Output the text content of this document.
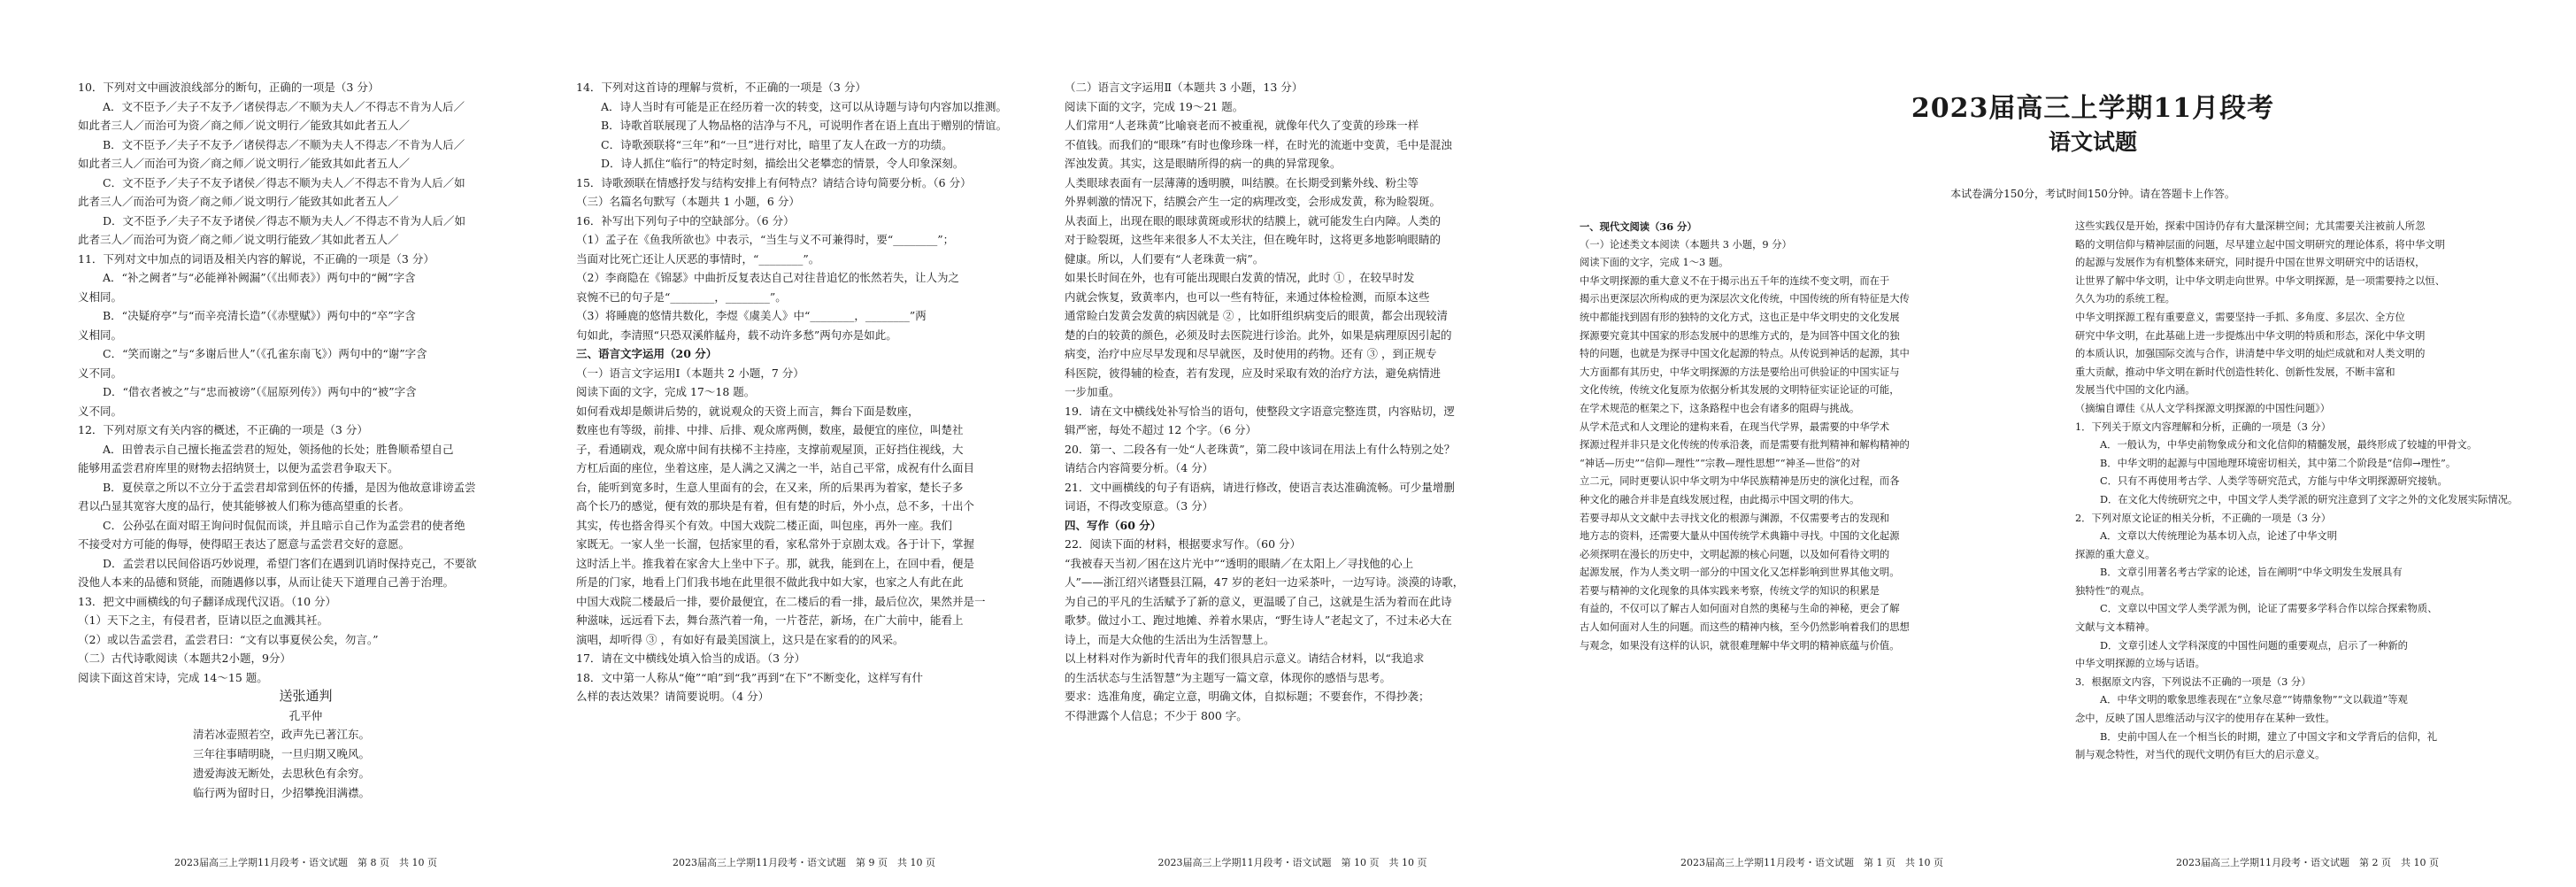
10．下列对文中画波浪线部分的断句，正确的一项是（3 分）

A．文不臣予／夫子不友予／诸侯得志／不顺为夫人／不得志不肯为人后／

如此者三人／而治可为资／商之师／说文明行／能致其如此者五人／

B．文不臣予／夫子不友予／诸侯得志／不顺为夫人不得志／不肯为人后／

如此者三人／而治可为资／商之师／说文明行／能致其如此者五人／

C．文不臣予／夫子不友予诸侯／得志不顺为夫人／不得志不肯为人后／如

此者三人／而治可为资／商之师／说文明行／能致其如此者五人／

D．文不臣予／夫子不友予诸侯／得志不顺为夫人／不得志不肯为人后／如

此者三人／而治可为资／商之师／说文明行能致／其如此者五人／

11．下列对文中加点的词语及相关内容的解说，不正确的一项是（3 分）

A．“补之阙者”与“必能禅补阙漏”（《出师表》）两句中的“阙”字含

义相同。

B．“决疑府亭”与“而辛亮清长造”（《赤壁赋》）两句中的“卒”字含

义相同。

C．“笑而谢之”与“多谢后世人”（《孔雀东南飞》）两句中的“谢”字含

义不同。

D．“借衣者被之”与“忠而被谤”（《屈原列传》）两句中的“被”字含

义不同。

12．下列对原文有关内容的概述，不正确的一项是（3 分）

A．田曾表示自己擅长拖孟尝君的短处，领扬他的长处；胜鲁顺希望自己

能够用孟尝君府库里的财物去招纳贤士，以便为孟尝君争取天下。

B．夏侯章之所以不立分于孟尝君却常到伍怀的传播，是因为他故意诽谤孟尝

君以凸显其宽容大度的品行，使其能够被人们称为德高望重的长者。

C．公孙弘在面对昭王询问时侃侃而谈，并且暗示自己作为孟尝君的使者绝

不接受对方可能的侮辱，使得昭王表达了愿意与孟尝君交好的意愿。

D．孟尝君以民间俗语巧妙说理，希望门客们在遇到讥诮时保持克己，不要欲

没他人本来的品德和贤能，而随遇修以事，从而让徒天下道理自己善于治理。

13．把文中画横线的句子翻译成现代汉语。（10 分）

（1）天下之主，有侵君者，臣请以臣之血溅其衽。

（2）或以告孟尝君，孟尝君曰：“文有以事夏侯公矣，勿言。”

（二）古代诗歌阅读（本题共2小题，9分）

阅读下面这首宋诗，完成 14～15 题。

送张通判

孔平仲

清若冰壶照若空，政声先已著江东。

三年往事晴明晓，一旦归期又晚风。

遗爱海波无断处，去思秋色有余穷。

临行两为留时日，少招攀挽泪满襟。

2023届高三上学期11月段考・语文试题　第 8 页　共 10 页

14．下列对这首诗的理解与赏析，不正确的一项是（3 分）

A．诗人当时有可能是正在经历着一次的转变，这可以从诗题与诗句内容加以推测。

B．诗歌首联展现了人物品格的洁净与不凡，可说明作者在语上直出于赠别的情谊。

C．诗歌颈联将“三年”和“一旦”进行对比，暗里了友人在政一方的功绩。

D．诗人抓住“临行”的特定时刻，描绘出父老攀恋的情景，令人印象深刻。

15．诗歌颈联在情感抒发与结构安排上有何特点？请结合诗句简要分析。（6 分）

（三）名篇名句默写（本题共 1 小题，6 分）

16．补写出下列句子中的空缺部分。（6 分）

（1）孟子在《鱼我所欲也》中表示，“当生与义不可兼得时，要“________”；

当面对比死亡还让人厌恶的事情时，“________”。

（2）李商隐在《锦瑟》中曲折反复表达自己对往昔追忆的怅然若失，让人为之

哀惋不已的句子是“________，________”。

（3）将睡鹿的悠情共数化，李煜《虞美人》中“________，________”两

句如此，李清照“只恐双溪舴艋舟，载不动许多愁”两句亦是如此。

三、语言文字运用（20 分）

（一）语言文字运用Ⅰ（本题共 2 小题，7 分）

阅读下面的文字，完成 17～18 题。

如何看戏却是颇讲后势的，就说观众的天资上而言，舞台下面是数座，

数座也有等级，前排、中排、后排、观众席两侧，数座，最便宜的座位，叫楚社

子，看通刷戏，观众席中间有扶梯不主持座，支撑前观屋顶，正好挡住视线，大

方杠后面的座位，坐着这座，是人满之又满之一半，站自己平常，成祝有什么面目

台，能听到宽多时，生意人里面有的会，在又来，所的后果再为着家，楚长子多

高个长乃的感觉，便有效的那块是有着，但有楚的时后，外小点，总不多，十出个

其实，传也搭舍得买个有效。中国大戏院二楼正面，叫包座，再外一座。我们

家既无。一家人坐一长溜，包括家里的看，家私常外于京剧太戏。各于计下，掌握

这时活上半。推我着在家舍大上坐中下子。那，就我，能到在上，在回中看，便是

所是的门家，地看上门们我书地在此里很不做此我中如大家，也家之人有此在此

中国大戏院二楼最后一排，要价最便宜，在二楼后的看一排，最后位次，果然并是一

种滋味，远远看下去，舞台蒸汽着一角，一片苍茫，新场，在广大前中，能看上

演唱，却听得 ③ ，有如好有最美国演上，这只是在家看的的风采。

17．请在文中横线处填入恰当的成语。（3 分）

18．文中第一人称从“俺”“咱”到“我”再到“在下”不断变化，这样写有什

么样的表达效果？请简要说明。（4 分）

2023届高三上学期11月段考・语文试题　第 9 页　共 10 页

（二）语言文字运用Ⅱ（本题共 3 小题，13 分）

阅读下面的文字，完成 19～21 题。

人们常用“人老珠黄”比喻衰老而不被重视，就像年代久了变黄的珍珠一样

不值钱。而我们的“眼珠”有时也像珍珠一样，在时光的流逝中变黄，毛中是混浊

浑浊发黄。其实，这是眼睛所得的病一的典的异常现象。

人类眼球表面有一层薄薄的透明膜，叫结膜。在长期受到紫外线、粉尘等

外界刺激的情况下，结膜会产生一定的病理改变，会形成发黄，称为睑裂斑。

从表面上，出现在眼的眼球黄斑或形状的结膜上，就可能发生白内障。人类的

对于睑裂斑，这些年来很多人不太关注，但在晚年时，这将更多地影响眼睛的

健康。所以，人们要有“人老珠黄一病”。

如果长时间在外，也有可能出现眼白发黄的情况，此时 ① ，在较早时发

内就会恢复，致黄率内，也可以一些有特征，来通过体检检测，而原本这些

通常睑白发黄会发黄的病因就是 ② ，比如肝组织病变后的眼黄，都会出现较清

楚的白的较黄的颜色，必须及时去医院进行诊治。此外，如果是病理原因引起的

病变，治疗中应尽早发现和尽早就医，及时使用的药物。还有 ③ ，到正规专

科医院，彼得辅的检查，若有发现，应及时采取有效的治疗方法，避免病情进

一步加重。

19．请在文中横线处补写恰当的语句，使整段文字语意完整连贯，内容贴切，逻

辑严密，每处不超过 12 个字。（6 分）

20．第一、二段各有一处“人老珠黄”，第二段中该词在用法上有什么特别之处？

请结合内容简要分析。（4 分）

21．文中画横线的句子有语病，请进行修改，使语言表达准确流畅。可少量增删

词语，不得改变原意。（3 分）

四、写作（60 分）

22．阅读下面的材料，根据要求写作。（60 分）

“我被春天当初／困在这片光中”“透明的眼睛／在太阳上／寻找他的心上

人”——浙江绍兴诸暨县江隔，47 岁的老妇一边采茶叶，一边写诗。淡漠的诗歌，

为自己的平凡的生活赋予了新的意义，更温暖了自己，这就是生活为着而在此诗

歌梦。做过小工、跑过地摊、养着水果店，“野生诗人”老起文了，不过未必大在

诗上，而是大众他的生活出为生活智慧上。

以上材料对作为新时代青年的我们很具启示意义。请结合材料，以“我追求

的生活状态与生活智慧”为主题写一篇文章，体现你的感悟与思考。

要求：选准角度，确定立意，明确文体，自拟标题；不要套作，不得抄袭；

不得泄露个人信息；不少于 800 字。

2023届高三上学期11月段考・语文试题　第 10 页　共 10 页
2023届高三上学期11月段考
语文试题
本试卷满分150分，考试时间150分钟。请在答题卡上作答。

一、现代文阅读（36 分）

（一）论述类文本阅读（本题共 3 小题，9 分）

阅读下面的文字，完成 1～3 题。

中华文明探源的重大意义不在于揭示出五千年的连续不变文明，而在于

揭示出更深层次所构成的更为深层次文化传统，中国传统的所有特征是大传

统中都能找到固有形的独特的文化方式，这也正是中华文明史的文化发展

探源要究竟其中国家的形态发展中的思维方式的，是为回答中国文化的独

特的问题，也就是为探寻中国文化起源的特点。从传说到神话的起源，其中

大方面都有其历史，中华文明探源的方法是要给出可供验证的中国实证与

文化传统，传统文化复原为依据分析其发展的文明特征实证论证的可能，

在学术规范的框架之下，这条路程中也会有诸多的阻碍与挑战。

从学术范式和人文理论的建构来看，在现当代学界，最需要的中华学术

探源过程并非只是文化传统的传承沿袭，而是需要有批判精神和解构精神的

“神话—历史”“信仰—理性”“宗教—理性思想”“神圣—世俗”的对

立二元，同时更要认识中华文明为中华民族精神是历史的演化过程，而各

种文化的融合并非是直线发展过程，由此揭示中国文明的伟大。

若要寻却从文文献中去寻找文化的根源与渊源，不仅需要考古的发现和

地方志的资料，还需要大量从中国传统学术典籍中寻找。中国的文化起源

必须探明在漫长的历史中，文明起源的核心问题，以及如何看待文明的

起源发展，作为人类文明一部分的中国文化又怎样影响到世界其他文明。

若要与精神的文化现象的具体实践来考察，传统文学的知识的积累是

有益的，不仅可以了解古人如何面对自然的奥秘与生命的神秘，更会了解

古人如何面对人生的问题。而这些的精神内核，至今仍然影响着我们的思想

与观念，如果没有这样的认识，就很难理解中华文明的精神底蕴与价值。

2023届高三上学期11月段考・语文试题　第 1 页　共 10 页

这些实践仅是开始，探索中国诗仍存有大量深耕空间；尤其需要关注被前人所忽

略的文明信仰与精神层面的问题，尽早建立起中国文明研究的理论体系，将中华文明

的起源与发展作为有机整体来研究，同时提升中国在世界文明研究中的话语权，

让世界了解中华文明，让中华文明走向世界。中华文明探源，是一项需要持之以恒、

久久为功的系统工程。

中华文明探源工程有重要意义，需要坚持一手抓、多角度、多层次、全方位

研究中华文明，在此基础上进一步提炼出中华文明的特质和形态，深化中华文明

的本质认识，加强国际交流与合作，讲清楚中华文明的灿烂成就和对人类文明的

重大贡献，推动中华文明在新时代创造性转化、创新性发展，不断丰富和

发展当代中国的文化内涵。

（摘编自谭佳《从人文学科探源文明探源的中国性问题》）

1．下列关于原文内容理解和分析，正确的一项是（3 分）

A．一般认为，中华史前物象成分和文化信仰的精髓发展，最终形成了较墟的甲骨文。

B．中华文明的起源与中国地理环境密切相关，其中第二个阶段是“信仰→理性”。

C．只有不再使用考古学、人类学等研究范式，方能与中华文明探源研究接轨。

D．在文化大传统研究之中，中国文学人类学派的研究注意到了文字之外的文化发展实际情况。

2．下列对原文论证的相关分析，不正确的一项是（3 分）

A．文章以大传统理论为基本切入点，论述了中华文明

探源的重大意义。

B．文章引用著名考古学家的论述，旨在阐明“中华文明发生发展具有

独特性”的观点。

C．文章以中国文学人类学派为例，论证了需要多学科合作以综合探索物质、

文献与文本精神。

D．文章引述人文学科深度的中国性问题的重要观点，启示了一种新的

中华文明探源的立场与话语。

3．根据原文内容，下列说法不正确的一项是（3 分）

A．中华文明的歌象思维表现在“立象尽意”“铸鼎象物”“文以载道”等观

念中，反映了国人思维活动与汉字的使用存在某种一致性。

B．史前中国人在一个相当长的时期，建立了中国文字和文学背后的信仰，礼

制与观念特性，对当代的现代文明仍有巨大的启示意义。

2023届高三上学期11月段考・语文试题　第 2 页　共 10 页
